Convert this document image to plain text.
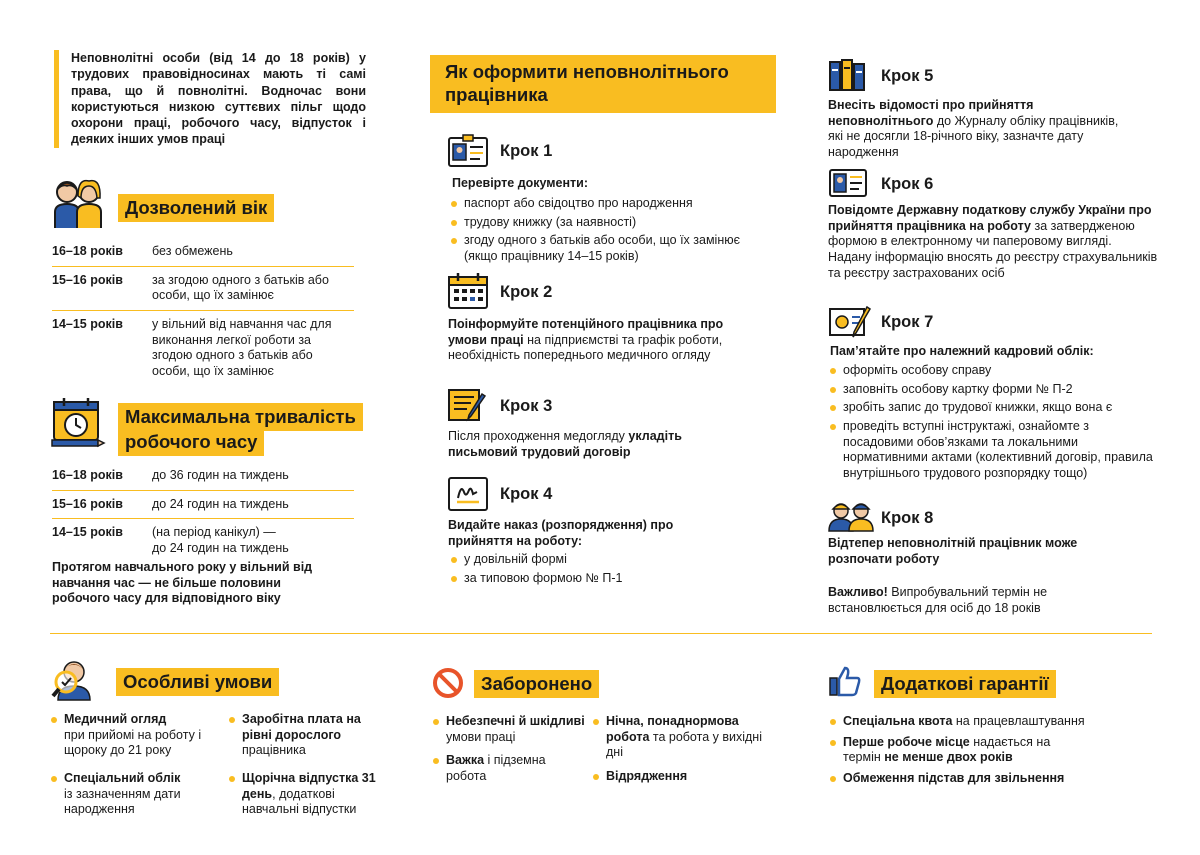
Неповнолітні особи (від 14 до 18 років) у трудових правовідносинах мають ті самі права, що й повнолітні. Водночас вони користуються низкою суттєвих пільг щодо охорони праці, робочого часу, відпусток і деяких інших умов праці
Дозволений вік
16–18 років	без обмежень
15–16 років	за згодою одного з батьків або особи, що їх замінює
14–15 років	у вільний від навчання час для виконання легкої роботи за згодою одного з батьків або особи, що їх замінює
Максимальна тривалість
робочого часу
16–18 років	до 36 годин на тиждень
15–16 років	до 24 годин на тиждень
14–15 років	(на період канікул) —
до 24 годин на тиждень
Протягом навчального року у вільний від навчання час — не більше половини робочого часу для відповідного віку
Як оформити неповнолітнього
працівника
Крок 1
Перевірте документи:
паспорт або свідоцтво про народження
трудову книжку (за наявності)
згоду одного з батьків або особи, що їх замінює (якщо працівнику 14–15 років)
Крок 2
Поінформуйте потенційного працівника про умови праці на підприємстві та графік роботи, необхідність попереднього медичного огляду
Крок 3
Після проходження медогляду укладіть письмовий трудовий договір
Крок 4
Видайте наказ (розпорядження) про прийняття на роботу:
у довільній формі
за типовою формою № П-1
Крок 5
Внесіть відомості про прийняття неповнолітнього до Журналу обліку працівників, які не досягли 18-річного віку, зазначте дату народження
Крок 6
Повідомте Державну податкову службу України про прийняття працівника на роботу за затвердженою формою в електронному чи паперовому вигляді. Надану інформацію вносять до реєстру страхувальників та реєстру застрахованих осіб
Крок 7
Пам’ятайте про належний кадровий облік:
оформіть особову справу
заповніть особову картку форми № П-2
зробіть запис до трудової книжки, якщо вона є
проведіть вступні інструктажі, ознайомте з посадовими обов’язками та локальними нормативними актами (колективний договір, правила внутрішнього трудового розпорядку тощо)
Крок 8
Відтепер неповнолітній працівник може розпочати роботу
Важливо! Випробувальний термін не встановлюється для осіб до 18 років
Особливі умови
Медичний огляд
при прийомі на роботу і щороку до 21 року
Спеціальний облік
із зазначенням дати народження
Заробітна плата на рівні дорослого
працівника
Щорічна відпустка 31 день, додаткові навчальні відпустки
Заборонено
Небезпечні й шкідливі умови праці
Важка і підземна робота
Нічна, понаднормова робота та робота у вихідні дні
Відрядження
Додаткові гарантії
Спеціальна квота на працевлаштування
Перше робоче місце надається на термін не менше двох років
Обмеження підстав для звільнення
